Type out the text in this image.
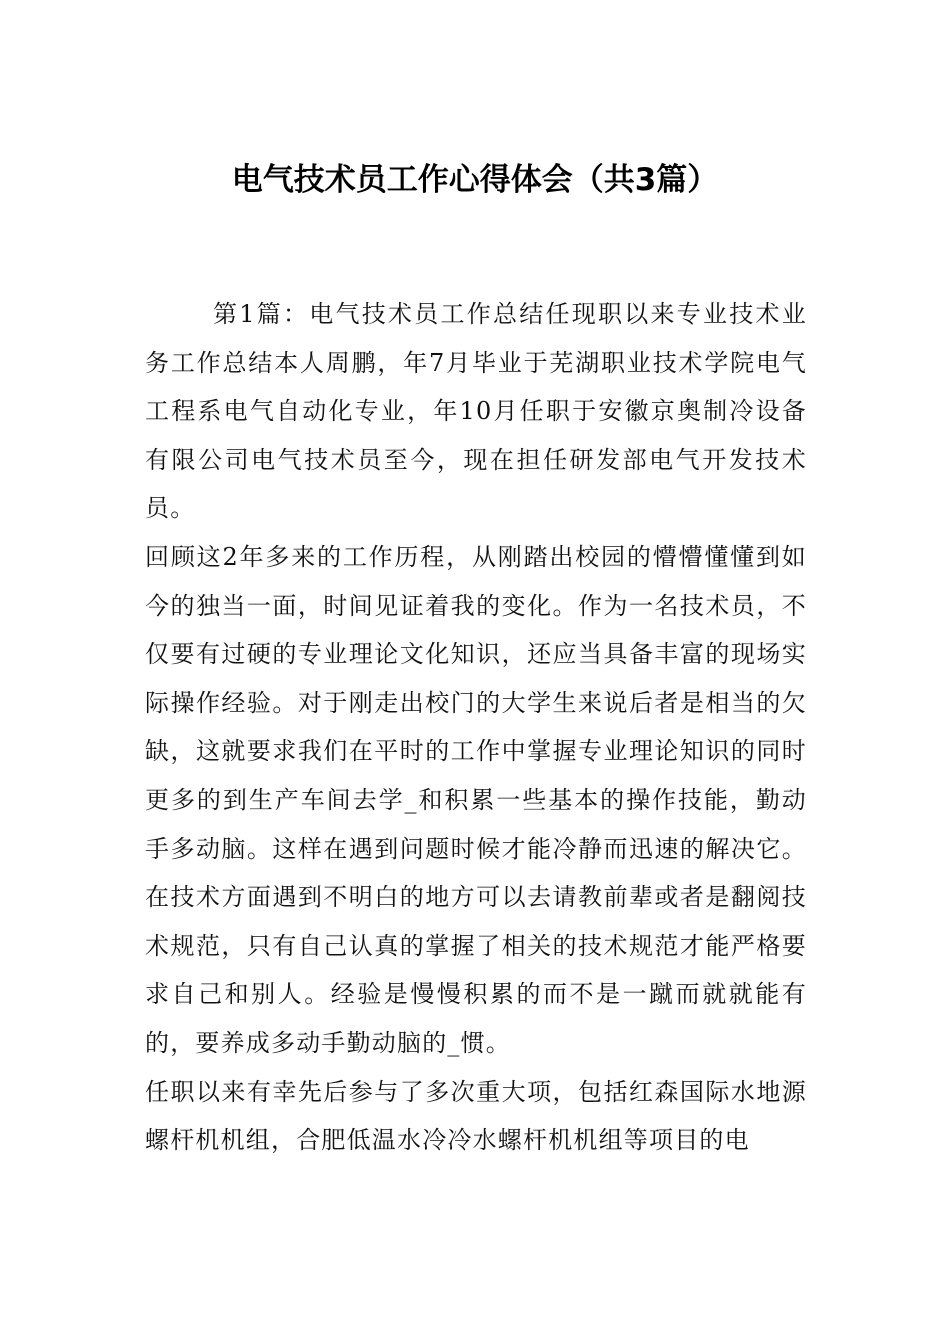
电气技术员工作心得体会（共3篇）

第1篇：电气技术员工作总结任现职以来专业技术业务工作总结本人周鹏，年7月毕业于芜湖职业技术学院电气工程系电气自动化专业，年10月任职于安徽京奥制冷设备有限公司电气技术员至今，现在担任研发部电气开发技术员。

回顾这2年多来的工作历程，从刚踏出校园的懵懵懂懂到如今的独当一面，时间见证着我的变化。作为一名技术员，不仅要有过硬的专业理论文化知识，还应当具备丰富的现场实际操作经验。对于刚走出校门的大学生来说后者是相当的欠缺，这就要求我们在平时的工作中掌握专业理论知识的同时更多的到生产车间去学_和积累一些基本的操作技能，勤动手多动脑。这样在遇到问题时候才能冷静而迅速的解决它。在技术方面遇到不明白的地方可以去请教前辈或者是翻阅技术规范，只有自己认真的掌握了相关的技术规范才能严格要求自己和别人。经验是慢慢积累的而不是一蹴而就就能有的，要养成多动手勤动脑的_惯。

任职以来有幸先后参与了多次重大项，包括红森国际水地源螺杆机机组，合肥低温水冷冷水螺杆机机组等项目的电
